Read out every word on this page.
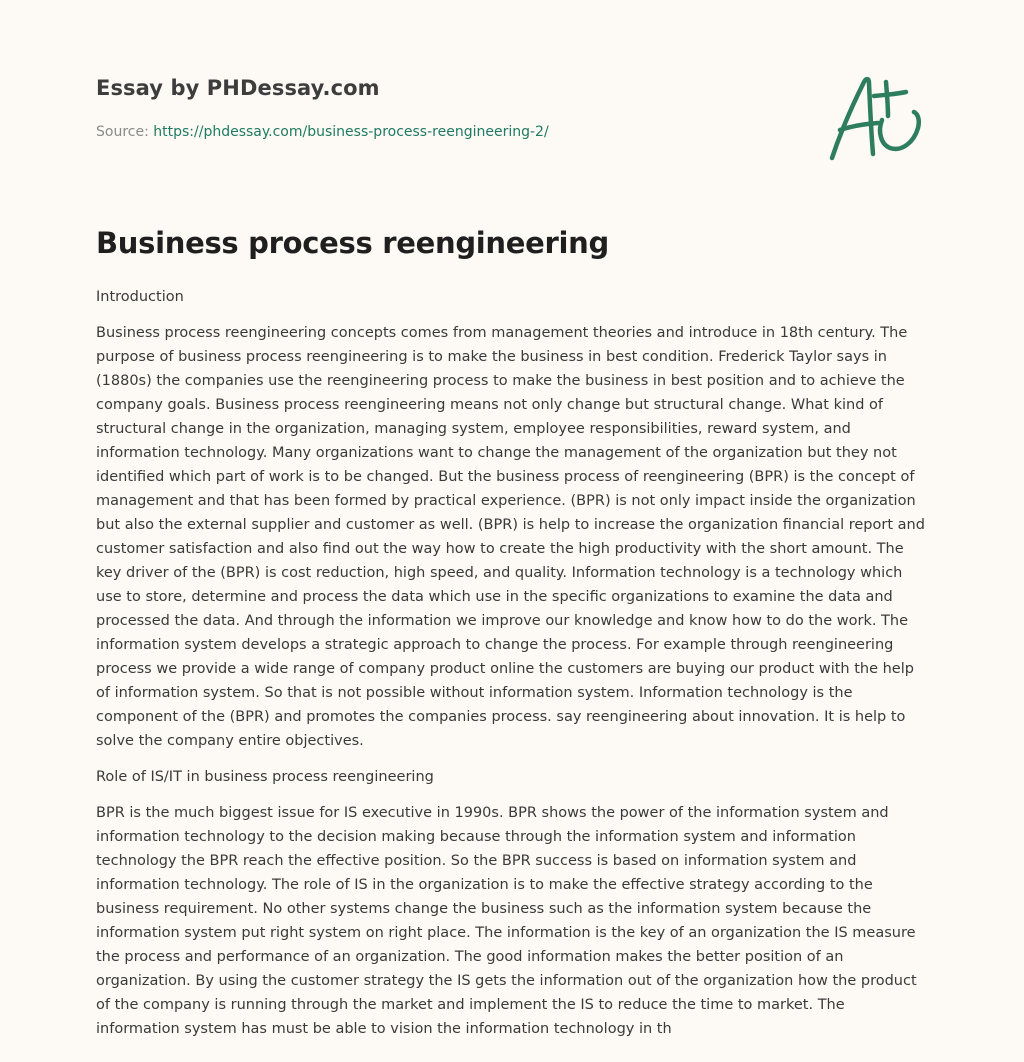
Essay by PHDessay.com
Source: https://phdessay.com/business-process-reengineering-2/
Business process reengineering

Introduction

Business process reengineering concepts comes from management theories and introduce in 18th century. The purpose of business process reengineering is to make the business in best condition. Frederick Taylor says in (1880s) the companies use the reengineering process to make the business in best position and to achieve the company goals. Business process reengineering means not only change but structural change. What kind of structural change in the organization, managing system, employee responsibilities, reward system, and information technology. Many organizations want to change the management of the organization but they not identified which part of work is to be changed. But the business process of reengineering (BPR) is the concept of management and that has been formed by practical experience. (BPR) is not only impact inside the organization but also the external supplier and customer as well. (BPR) is help to increase the organization financial report and customer satisfaction and also find out the way how to create the high productivity with the short amount. The key driver of the (BPR) is cost reduction, high speed, and quality. Information technology is a technology which use to store, determine and process the data which use in the specific organizations to examine the data and processed the data. And through the information we improve our knowledge and know how to do the work. The information system develops a strategic approach to change the process. For example through reengineering process we provide a wide range of company product online the customers are buying our product with the help of information system. So that is not possible without information system. Information technology is the component of the (BPR) and promotes the companies process. say reengineering about innovation. It is help to solve the company entire objectives.

Role of IS/IT in business process reengineering

BPR is the much biggest issue for IS executive in 1990s. BPR shows the power of the information system and information technology to the decision making because through the information system and information technology the BPR reach the effective position. So the BPR success is based on information system and information technology. The role of IS in the organization is to make the effective strategy according to the business requirement. No other systems change the business such as the information system because the information system put right system on right place. The information is the key of an organization the IS measure the process and performance of an organization. The good information makes the better position of an organization. By using the customer strategy the IS gets the information out of the organization how the product of the company is running through the market and implement the IS to reduce the time to market. The information system has must be able to vision the information technology in th
